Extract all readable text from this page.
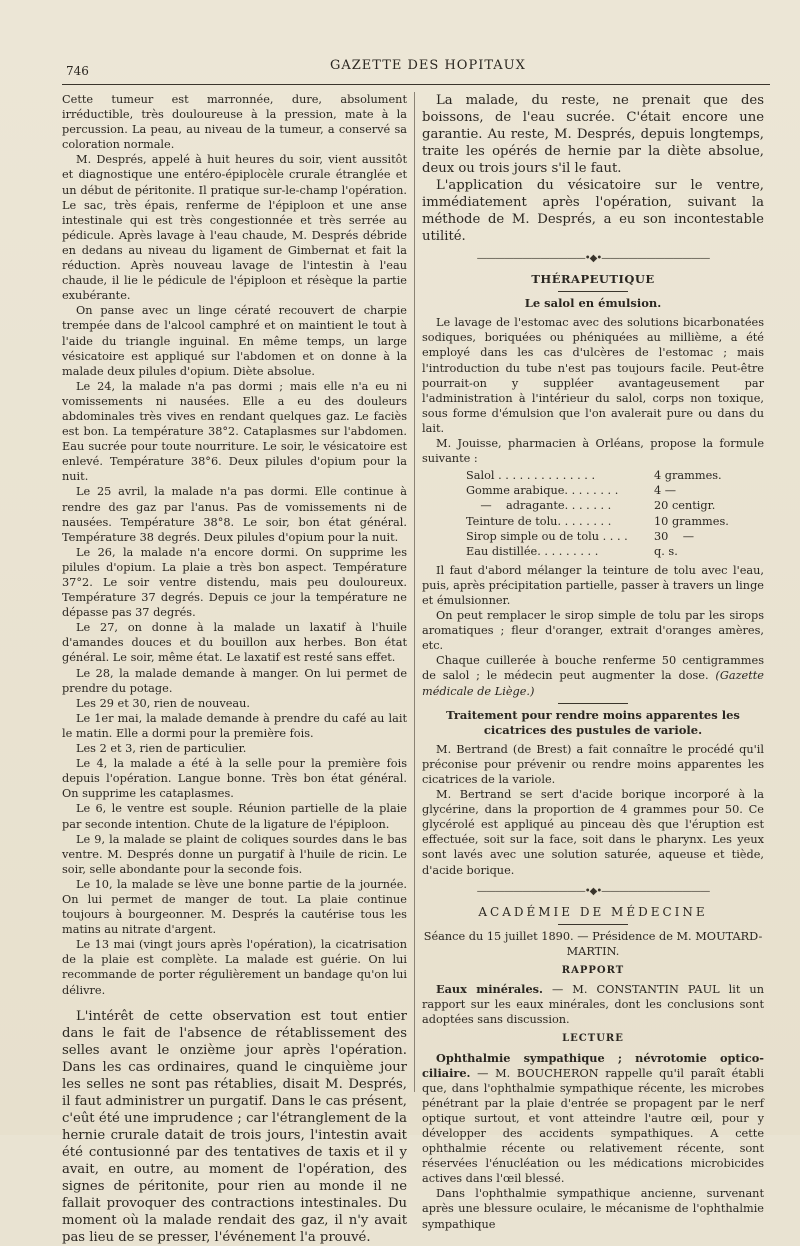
746	GAZETTE DES HOPITAUX

Cette tumeur est marronnée, dure, absolument irréductible, très douloureuse à la pression, mate à la percussion. La peau, au niveau de la tumeur, a conservé sa coloration normale.

M. Després, appelé à huit heures du soir, vient aussitôt et diagnostique une entéro-épiplocèle crurale étranglée et un début de péritonite. Il pratique sur-le-champ l'opération. Le sac, très épais, renferme de l'épiploon et une anse intestinale qui est très congestionnée et très serrée au pédicule. Après lavage à l'eau chaude, M. Després débride en dedans au niveau du ligament de Gimbernat et fait la réduction. Après nouveau lavage de l'intestin à l'eau chaude, il lie le pédicule de l'épiploon et résèque la partie exubérante.

On panse avec un linge cératé recouvert de charpie trempée dans de l'alcool camphré et on maintient le tout à l'aide du triangle inguinal. En même temps, un large vésicatoire est appliqué sur l'abdomen et on donne à la malade deux pilules d'opium. Diète absolue.

Le 24, la malade n'a pas dormi ; mais elle n'a eu ni vomissements ni nausées. Elle a eu des douleurs abdominales très vives en rendant quelques gaz. Le faciès est bon. La température 38°2. Cataplasmes sur l'abdomen. Eau sucrée pour toute nourriture. Le soir, le vésicatoire est enlevé. Température 38°6. Deux pilules d'opium pour la nuit.

Le 25 avril, la malade n'a pas dormi. Elle continue à rendre des gaz par l'anus. Pas de vomissements ni de nausées. Température 38°8. Le soir, bon état général. Température 38 degrés. Deux pilules d'opium pour la nuit.

Le 26, la malade n'a encore dormi. On supprime les pilules d'opium. La plaie a très bon aspect. Température 37°2. Le soir ventre distendu, mais peu douloureux. Température 37 degrés. Depuis ce jour la température ne dépasse pas 37 degrés.

Le 27, on donne à la malade un laxatif à l'huile d'amandes douces et du bouillon aux herbes. Bon état général. Le soir, même état. Le laxatif est resté sans effet.

Le 28, la malade demande à manger. On lui permet de prendre du potage.

Les 29 et 30, rien de nouveau.

Le 1er mai, la malade demande à prendre du café au lait le matin. Elle a dormi pour la première fois.

Les 2 et 3, rien de particulier.

Le 4, la malade a été à la selle pour la première fois depuis l'opération. Langue bonne. Très bon état général. On supprime les cataplasmes.

Le 6, le ventre est souple. Réunion partielle de la plaie par seconde intention. Chute de la ligature de l'épiploon.

Le 9, la malade se plaint de coliques sourdes dans le bas ventre. M. Després donne un purgatif à l'huile de ricin. Le soir, selle abondante pour la seconde fois.

Le 10, la malade se lève une bonne partie de la journée. On lui permet de manger de tout. La plaie continue toujours à bourgeonner. M. Després la cautérise tous les matins au nitrate d'argent.

Le 13 mai (vingt jours après l'opération), la cicatrisation de la plaie est complète. La malade est guérie. On lui recommande de porter régulièrement un bandage qu'on lui délivre.

L'intérêt de cette observation est tout entier dans le fait de l'absence de rétablissement des selles avant le onzième jour après l'opération. Dans les cas ordinaires, quand le cinquième jour les selles ne sont pas rétablies, disait M. Després, il faut administrer un purgatif. Dans le cas présent, c'eût été une imprudence ; car l'étranglement de la hernie crurale datait de trois jours, l'intestin avait été contusionné par des tentatives de taxis et il y avait, en outre, au moment de l'opération, des signes de péritonite, pour rien au monde il ne fallait provoquer des contractions intestinales. Du moment où la malade rendait des gaz, il n'y avait pas lieu de se presser, l'événement l'a prouvé.

La malade, du reste, ne prenait que des boissons, de l'eau sucrée. C'était encore une garantie. Au reste, M. Després, depuis longtemps, traite les opérés de hernie par la diète absolue, deux ou trois jours s'il le faut.

L'application du vésicatoire sur le ventre, immédiatement après l'opération, suivant la méthode de M. Després, a eu son incontestable utilité.

————————————•◆•————————————
THÉRAPEUTIQUE
Le salol en émulsion.

Le lavage de l'estomac avec des solutions bicarbonatées sodiques, boriquées ou phéniquées au millième, a été employé dans les cas d'ulcères de l'estomac ; mais l'introduction du tube n'est pas toujours facile. Peut-être pourrait-on y suppléer avantageusement par l'administration à l'intérieur du salol, corps non toxique, sous forme d'émulsion que l'on avalerait pure ou dans du lait.

M. Jouisse, pharmacien à Orléans, propose la formule suivante :

Salol . . . . . . . . . . . . . .	4 grammes.
Gomme arabique. . . . . . . .	4 —
—    adragante. . . . . . .	20 centigr.
Teinture de tolu. . . . . . . .	10 grammes.
Sirop simple ou de tolu . . . .	30    —
Eau distillée. . . . . . . . .	q. s.

Il faut d'abord mélanger la teinture de tolu avec l'eau, puis, après précipitation partielle, passer à travers un linge et émulsionner.

On peut remplacer le sirop simple de tolu par les sirops aromatiques ; fleur d'oranger, extrait d'oranges amères, etc.

Chaque cuillerée à bouche renferme 50 centigrammes de salol ; le médecin peut augmenter la dose. (Gazette médicale de Liège.)

Traitement pour rendre moins apparentes les cicatrices des pustules de variole.

M. Bertrand (de Brest) a fait connaître le procédé qu'il préconise pour prévenir ou rendre moins apparentes les cicatrices de la variole.

M. Bertrand se sert d'acide borique incorporé à la glycérine, dans la proportion de 4 grammes pour 50. Ce glycérolé est appliqué au pinceau dès que l'éruption est effectuée, soit sur la face, soit dans le pharynx. Les yeux sont lavés avec une solution saturée, aqueuse et tiède, d'acide borique.

————————————•◆•————————————
ACADÉMIE DE MÉDECINE

Séance du 15 juillet 1890. — Présidence de M. MOUTARD-MARTIN.

RAPPORT

Eaux minérales. — M. CONSTANTIN PAUL lit un rapport sur les eaux minérales, dont les conclusions sont adoptées sans discussion.

LECTURE

Ophthalmie sympathique ; névrotomie optico-ciliaire. — M. BOUCHERON rappelle qu'il paraît établi que, dans l'ophthalmie sympathique récente, les microbes pénétrant par la plaie d'entrée se propagent par le nerf optique surtout, et vont atteindre l'autre œil, pour y développer des accidents sympathiques. A cette ophthalmie récente ou relativement récente, sont réservées l'énucléation ou les médications microbicides actives dans l'œil blessé.

Dans l'ophthalmie sympathique ancienne, survenant après une blessure oculaire, le mécanisme de l'ophthalmie sympathique
